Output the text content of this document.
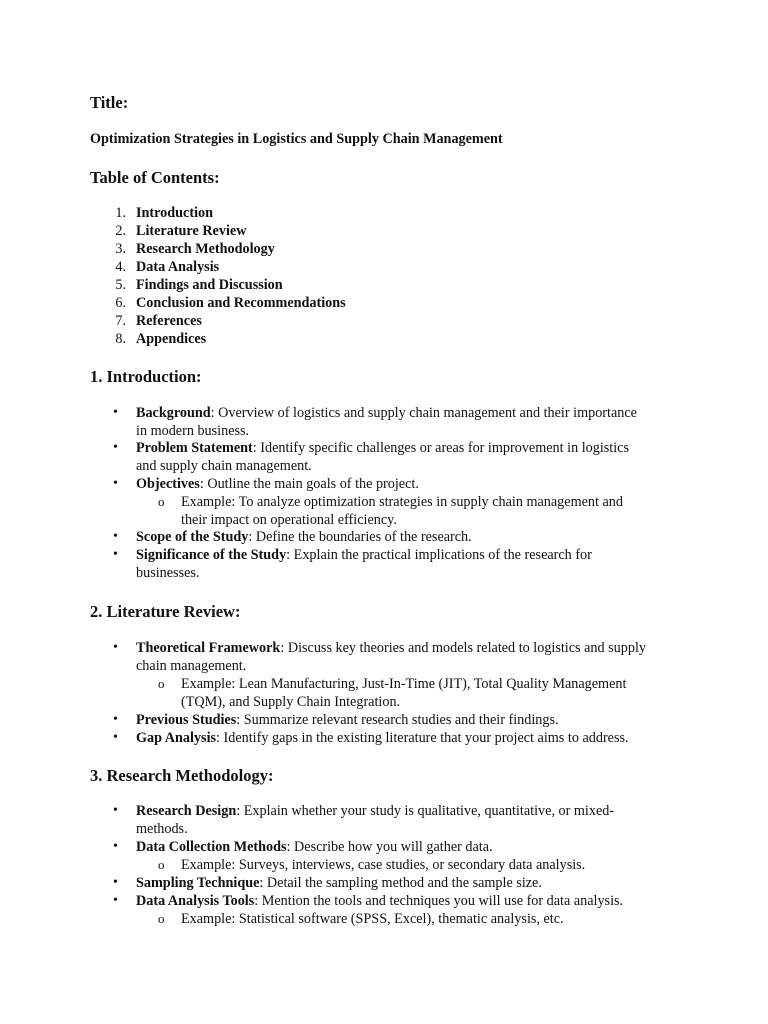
Title:
Optimization Strategies in Logistics and Supply Chain Management
Table of Contents:
1. Introduction
2. Literature Review
3. Research Methodology
4. Data Analysis
5. Findings and Discussion
6. Conclusion and Recommendations
7. References
8. Appendices
1. Introduction:
• Background: Overview of logistics and supply chain management and their importance
in modern business.
• Problem Statement: Identify specific challenges or areas for improvement in logistics
and supply chain management.
• Objectives: Outline the main goals of the project.
o Example: To analyze optimization strategies in supply chain management and
their impact on operational efficiency.
• Scope of the Study: Define the boundaries of the research.
• Significance of the Study: Explain the practical implications of the research for
businesses.
2. Literature Review:
• Theoretical Framework: Discuss key theories and models related to logistics and supply
chain management.
o Example: Lean Manufacturing, Just-In-Time (JIT), Total Quality Management
(TQM), and Supply Chain Integration.
• Previous Studies: Summarize relevant research studies and their findings.
• Gap Analysis: Identify gaps in the existing literature that your project aims to address.
3. Research Methodology:
• Research Design: Explain whether your study is qualitative, quantitative, or mixed-
methods.
• Data Collection Methods: Describe how you will gather data.
o Example: Surveys, interviews, case studies, or secondary data analysis.
• Sampling Technique: Detail the sampling method and the sample size.
• Data Analysis Tools: Mention the tools and techniques you will use for data analysis.
o Example: Statistical software (SPSS, Excel), thematic analysis, etc.
